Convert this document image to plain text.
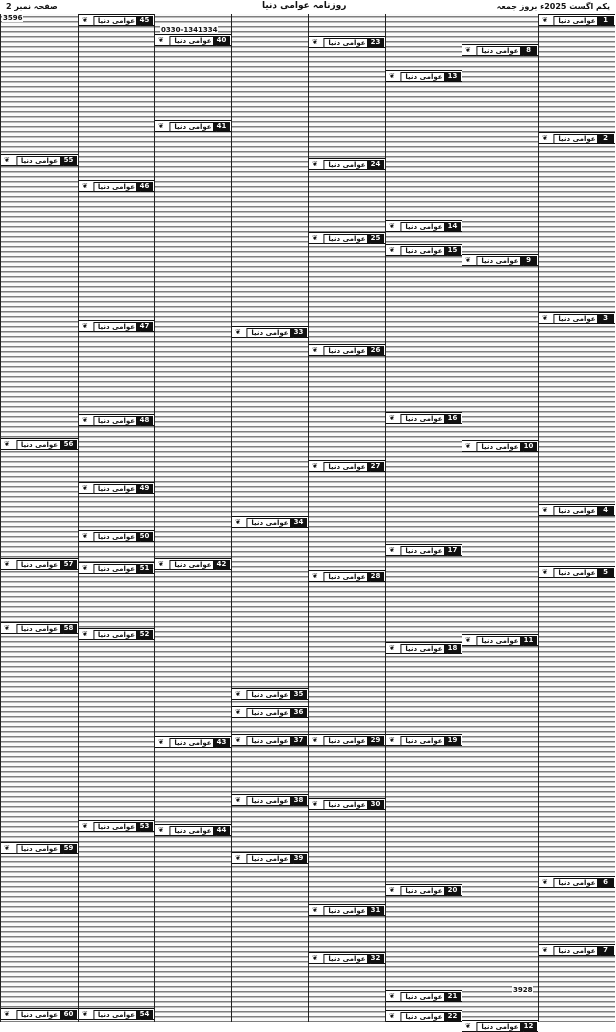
یکم اگست 2025ء بروز جمعہ
روزنامہ عوامی دنیا
صفحہ نمبر 2
❦	عوامی دنیا	1
❦	عوامی دنیا	2
❦	عوامی دنیا	3
❦	عوامی دنیا	4
❦	عوامی دنیا	5
❦	عوامی دنیا	6
❦	عوامی دنیا	7
❦	عوامی دنیا	8
❦	عوامی دنیا	9
❦	عوامی دنیا 10
❦	عوامی دنیا 11
❦	عوامی دنیا 12
❦	عوامی دنیا 13
❦	عوامی دنیا 14
❦	عوامی دنیا 15
❦	عوامی دنیا 16
❦	عوامی دنیا 17
❦	عوامی دنیا 18
❦	عوامی دنیا 19
❦	عوامی دنیا 20
❦	عوامی دنیا 21
❦	عوامی دنیا 22
❦	عوامی دنیا 23
❦	عوامی دنیا 24
❦	عوامی دنیا 25
❦	عوامی دنیا 26
❦	عوامی دنیا 27
❦	عوامی دنیا 28
❦	عوامی دنیا 29
❦	عوامی دنیا 30
❦	عوامی دنیا 31
❦	عوامی دنیا 32
❦	عوامی دنیا 33
❦	عوامی دنیا 34
❦	عوامی دنیا 35
❦	عوامی دنیا 36
❦	عوامی دنیا 37
❦	عوامی دنیا 38
❦	عوامی دنیا 39
❦	عوامی دنیا 40
❦	عوامی دنیا 41
❦	عوامی دنیا 42
❦	عوامی دنیا 43
❦	عوامی دنیا 44
❦	عوامی دنیا 45
❦	عوامی دنیا 46
❦	عوامی دنیا 47
❦	عوامی دنیا 48
❦	عوامی دنیا 49
❦	عوامی دنیا 50
❦	عوامی دنیا 51
❦	عوامی دنیا 52
❦	عوامی دنیا 53
❦	عوامی دنیا 54
❦	عوامی دنیا 55
❦	عوامی دنیا 56
❦	عوامی دنیا 57
❦	عوامی دنیا 58
❦	عوامی دنیا 59
❦	عوامی دنیا 60
3596
0330-1341334
3928
